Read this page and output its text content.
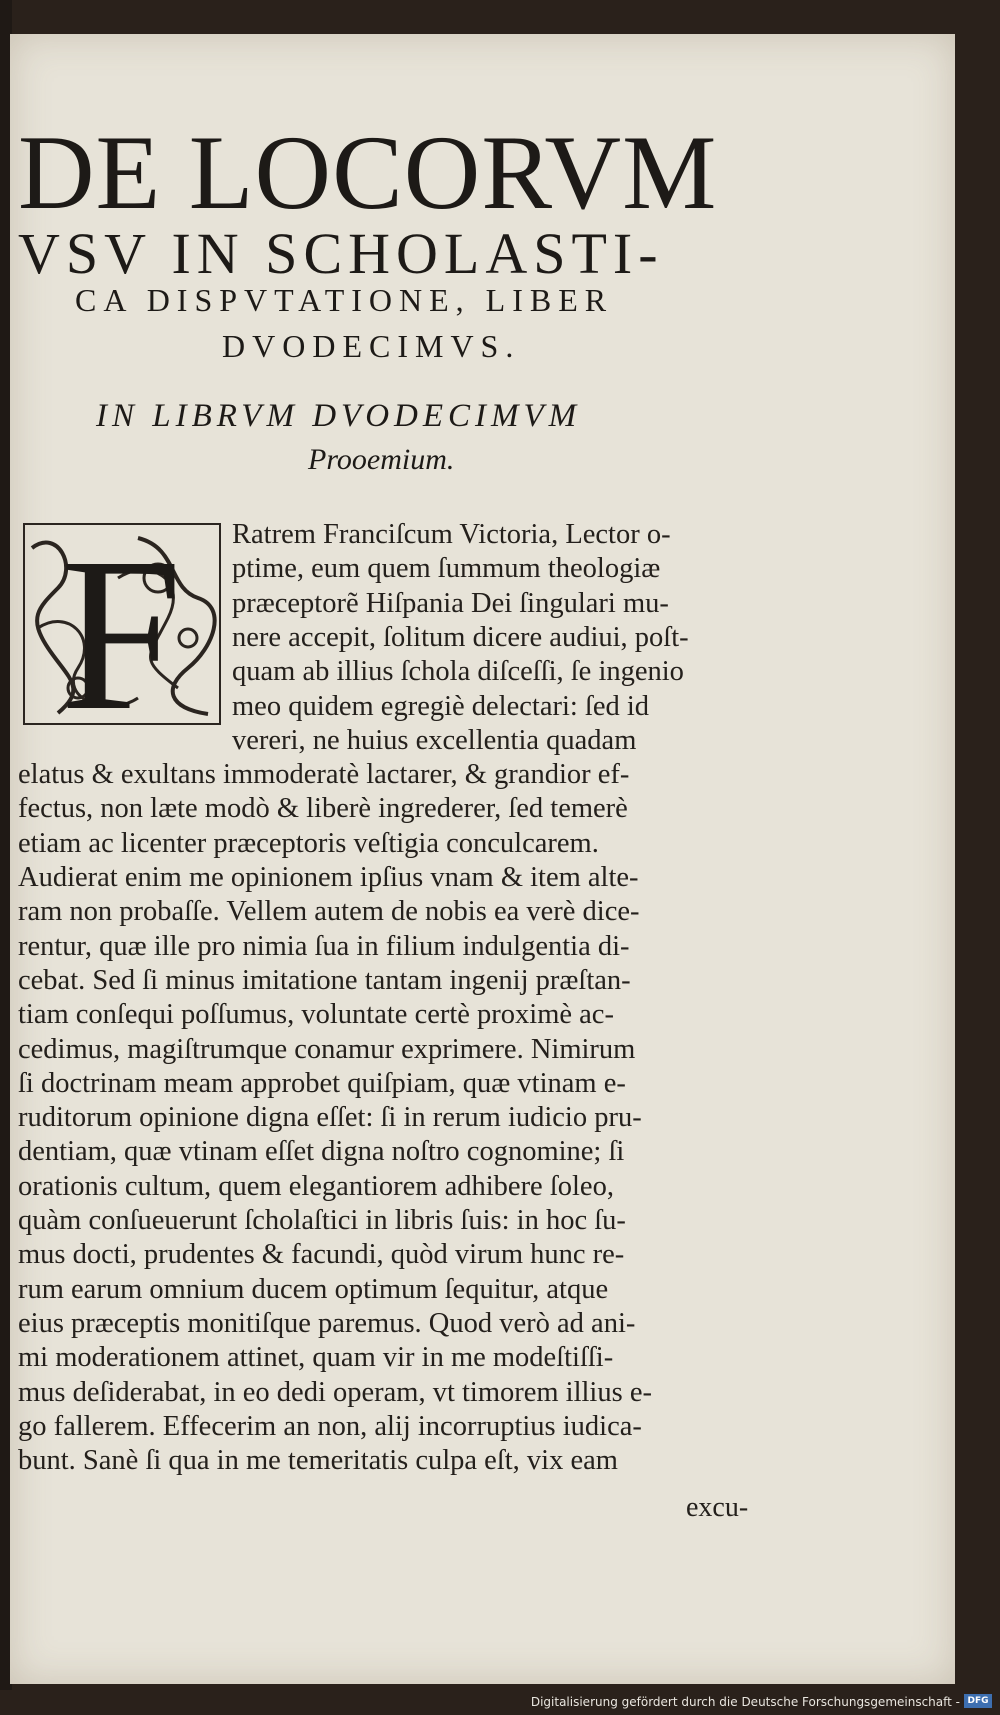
DE LOCORVM
VSV IN SCHOLASTI-
CA DISPVTATIONE, LIBER
DVODECIMVS.
IN LIBRVM DVODECIMVM
Prooemium.
F Ratrem Franciſcum Victoria, Lector o-
ptime, eum quem ſummum theologiæ
præceptorẽ Hiſpania Dei ſingulari mu-
nere accepit, ſolitum dicere audiui, poſt-
quam ab illius ſchola diſceſſi, ſe ingenio
meo quidem egregiè delectari: ſed id
vereri, ne huius excellentia quadam
elatus & exultans immoderatè lactarer, & grandior ef-
fectus, non læte modò & liberè ingrederer, ſed temerè
etiam ac licenter præceptoris veſtigia conculcarem.
Audierat enim me opinionem ipſius vnam & item alte-
ram non probaſſe. Vellem autem de nobis ea verè dice-
rentur, quæ ille pro nimia ſua in filium indulgentia di-
cebat. Sed ſi minus imitatione tantam ingenij præſtan-
tiam conſequi poſſumus, voluntate certè proximè ac-
cedimus, magiſtrumque conamur exprimere. Nimirum
ſi doctrinam meam approbet quiſpiam, quæ vtinam e-
ruditorum opinione digna eſſet: ſi in rerum iudicio pru-
dentiam, quæ vtinam eſſet digna noſtro cognomine; ſi
orationis cultum, quem elegantiorem adhibere ſoleo,
quàm conſueuerunt ſcholaſtici in libris ſuis: in hoc ſu-
mus docti, prudentes & facundi, quòd virum hunc re-
rum earum omnium ducem optimum ſequitur, atque
eius præceptis monitiſque paremus. Quod verò ad ani-
mi moderationem attinet, quam vir in me modeſtiſſi-
mus deſiderabat, in eo dedi operam, vt timorem illius e-
go fallerem. Effecerim an non, alij incorruptius iudica-
bunt. Sanè ſi qua in me temeritatis culpa eſt, vix eam
excu-
Digitalisierung gefördert durch die Deutsche Forschungsgemeinschaft - DFG
